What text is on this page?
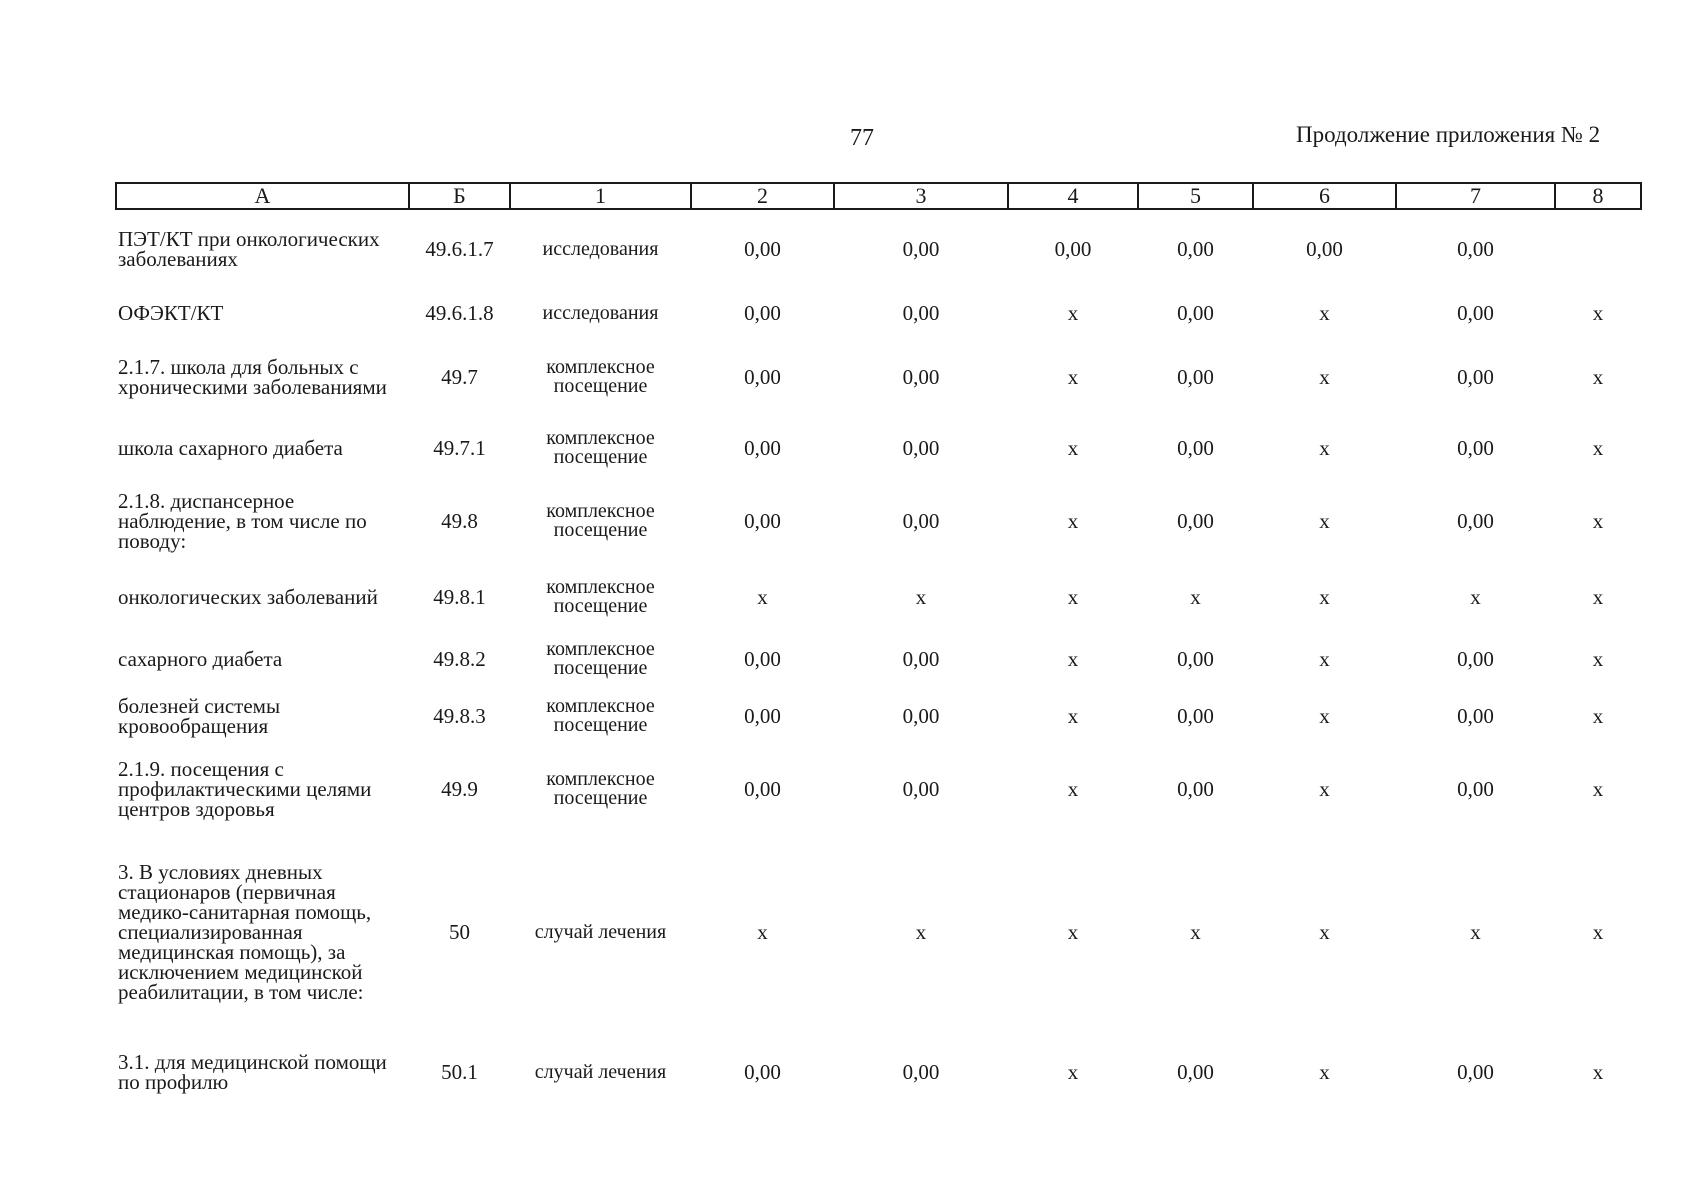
77	Продолжение приложения № 2
А	Б	1	2	3	4	5	6	7	8
ПЭТ/КТ при онкологических заболеваниях	49.6.1.7	исследования	0,00	0,00	0,00	0,00	0,00	0,00	
ОФЭКТ/КТ	49.6.1.8	исследования	0,00	0,00	х	0,00	х	0,00	х
2.1.7. школа для больных с хроническими заболеваниями	49.7	комплексное посещение	0,00	0,00	х	0,00	х	0,00	х
школа сахарного диабета	49.7.1	комплексное посещение	0,00	0,00	х	0,00	х	0,00	х
2.1.8. диспансерное наблюдение, в том числе по поводу:	49.8	комплексное посещение	0,00	0,00	х	0,00	х	0,00	х
онкологических заболеваний	49.8.1	комплексное посещение	х	х	х	х	х	х	х
сахарного диабета	49.8.2	комплексное посещение	0,00	0,00	х	0,00	х	0,00	х
болезней системы кровообращения	49.8.3	комплексное посещение	0,00	0,00	х	0,00	х	0,00	х
2.1.9. посещения с профилактическими целями центров здоровья	49.9	комплексное посещение	0,00	0,00	х	0,00	х	0,00	х
3. В условиях дневных стационаров (первичная медико-санитарная помощь, специализированная медицинская помощь), за исключением медицинской реабилитации, в том числе:	50	случай лечения	х	х	х	х	х	х	х
3.1. для медицинской помощи по профилю	50.1	случай лечения	0,00	0,00	х	0,00	х	0,00	х
